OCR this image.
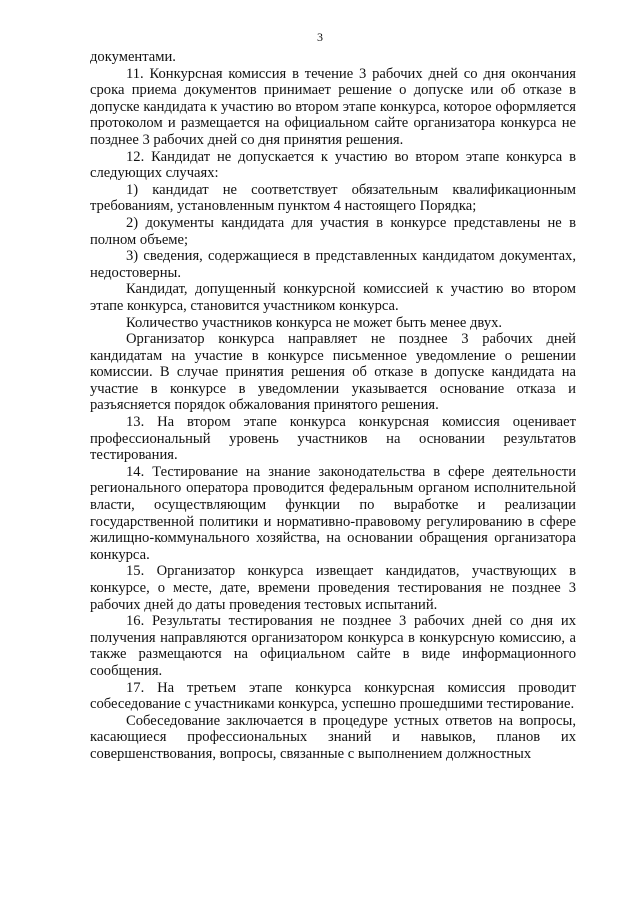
3

документами.

11. Конкурсная комиссия в течение 3 рабочих дней со дня окончания срока приема документов принимает решение о допуске или об отказе в допуске кандидата к участию во втором этапе конкурса, которое оформляется протоколом и размещается на официальном сайте организатора конкурса не позднее 3 рабочих дней со дня принятия решения.

12. Кандидат не допускается к участию во втором этапе конкурса в следующих случаях:

1) кандидат не соответствует обязательным квалификационным требованиям, установленным пунктом 4 настоящего Порядка;

2) документы кандидата для участия в конкурсе представлены не в полном объеме;

3) сведения, содержащиеся в представленных кандидатом документах, недостоверны.

Кандидат, допущенный конкурсной комиссией к участию во втором этапе конкурса, становится участником конкурса.

Количество участников конкурса не может быть менее двух.

Организатор конкурса направляет не позднее 3 рабочих дней кандидатам на участие в конкурсе письменное уведомление о решении комиссии. В случае принятия решения об отказе в допуске кандидата на участие в конкурсе в уведомлении указывается основание отказа и разъясняется порядок обжалования принятого решения.

13. На втором этапе конкурса конкурсная комиссия оценивает профессиональный уровень участников на основании результатов тестирования.

14. Тестирование на знание законодательства в сфере деятельности регионального оператора проводится федеральным органом исполнительной власти, осуществляющим функции по выработке и реализации государственной политики и нормативно-правовому регулированию в сфере жилищно-коммунального хозяйства, на основании обращения организатора конкурса.

15. Организатор конкурса извещает кандидатов, участвующих в конкурсе, о месте, дате, времени проведения тестирования не позднее 3 рабочих дней до даты проведения тестовых испытаний.

16. Результаты тестирования не позднее 3 рабочих дней со дня их получения направляются организатором конкурса в конкурсную комиссию, а также размещаются на официальном сайте в виде информационного сообщения.

17. На третьем этапе конкурса конкурсная комиссия проводит собеседование с участниками конкурса, успешно прошедшими тестирование.

Собеседование заключается в процедуре устных ответов на вопросы, касающиеся профессиональных знаний и навыков, планов их совершенствования, вопросы, связанные с выполнением должностных
